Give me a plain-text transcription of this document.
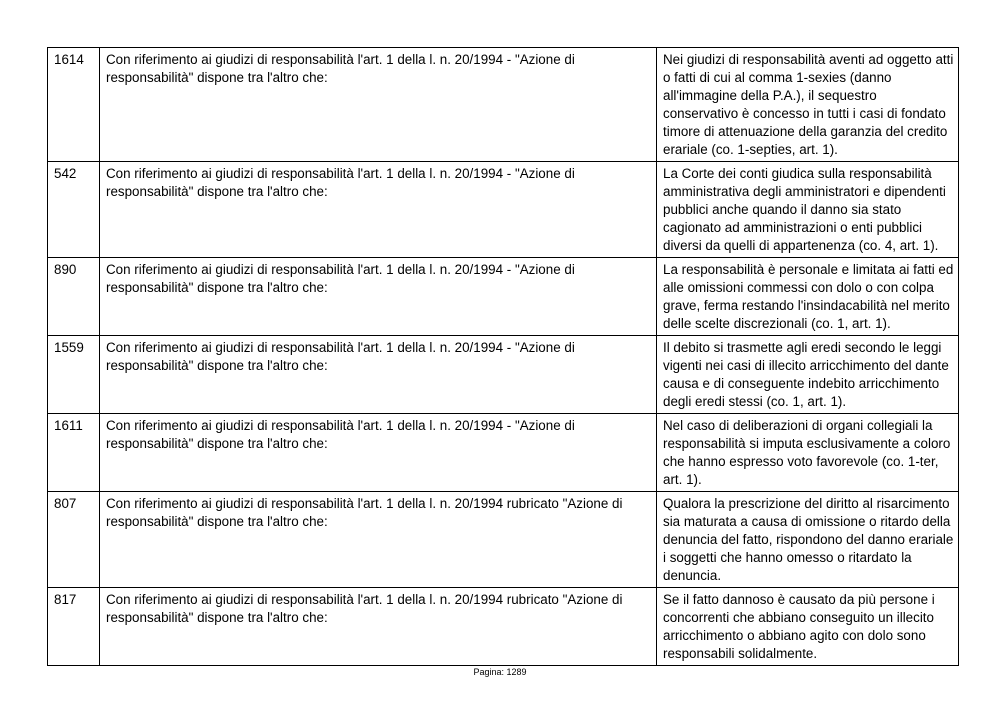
1614	Con riferimento ai giudizi di responsabilità l'art. 1 della l. n. 20/1994 - "Azione di responsabilità" dispone tra l'altro che:	Nei giudizi di responsabilità aventi ad oggetto atti o fatti di cui al comma 1-sexies (danno all'immagine della P.A.), il sequestro conservativo è concesso in tutti i casi di fondato timore di attenuazione della garanzia del credito erariale (co. 1-septies, art. 1).
542	Con riferimento ai giudizi di responsabilità l'art. 1 della l. n. 20/1994 - "Azione di responsabilità" dispone tra l'altro che:	La Corte dei conti giudica sulla responsabilità amministrativa degli amministratori e dipendenti pubblici anche quando il danno sia stato cagionato ad amministrazioni o enti pubblici diversi da quelli di appartenenza (co. 4, art. 1).
890	Con riferimento ai giudizi di responsabilità l'art. 1 della l. n. 20/1994 - "Azione di responsabilità" dispone tra l'altro che:	La responsabilità è personale e limitata ai fatti ed alle omissioni commessi con dolo o con colpa grave, ferma restando l'insindacabilità nel merito delle scelte discrezionali (co. 1, art. 1).
1559	Con riferimento ai giudizi di responsabilità l'art. 1 della l. n. 20/1994 - "Azione di responsabilità" dispone tra l'altro che:	Il debito si trasmette agli eredi secondo le leggi vigenti nei casi di illecito arricchimento del dante causa e di conseguente indebito arricchimento degli eredi stessi (co. 1, art. 1).
1611	Con riferimento ai giudizi di responsabilità l'art. 1 della l. n. 20/1994 - "Azione di responsabilità" dispone tra l'altro che:	Nel caso di deliberazioni di organi collegiali la responsabilità si imputa esclusivamente a coloro che hanno espresso voto favorevole (co. 1-ter, art. 1).
807	Con riferimento ai giudizi di responsabilità l'art. 1 della l. n. 20/1994 rubricato "Azione di responsabilità" dispone tra l'altro che:	Qualora la prescrizione del diritto al risarcimento sia maturata a causa di omissione o ritardo della denuncia del fatto, rispondono del danno erariale i soggetti che hanno omesso o ritardato la denuncia.
817	Con riferimento ai giudizi di responsabilità l'art. 1 della l. n. 20/1994 rubricato "Azione di responsabilità" dispone tra l'altro che:	Se il fatto dannoso è causato da più persone i concorrenti che abbiano conseguito un illecito arricchimento o abbiano agito con dolo sono responsabili solidalmente.
Pagina: 1289
